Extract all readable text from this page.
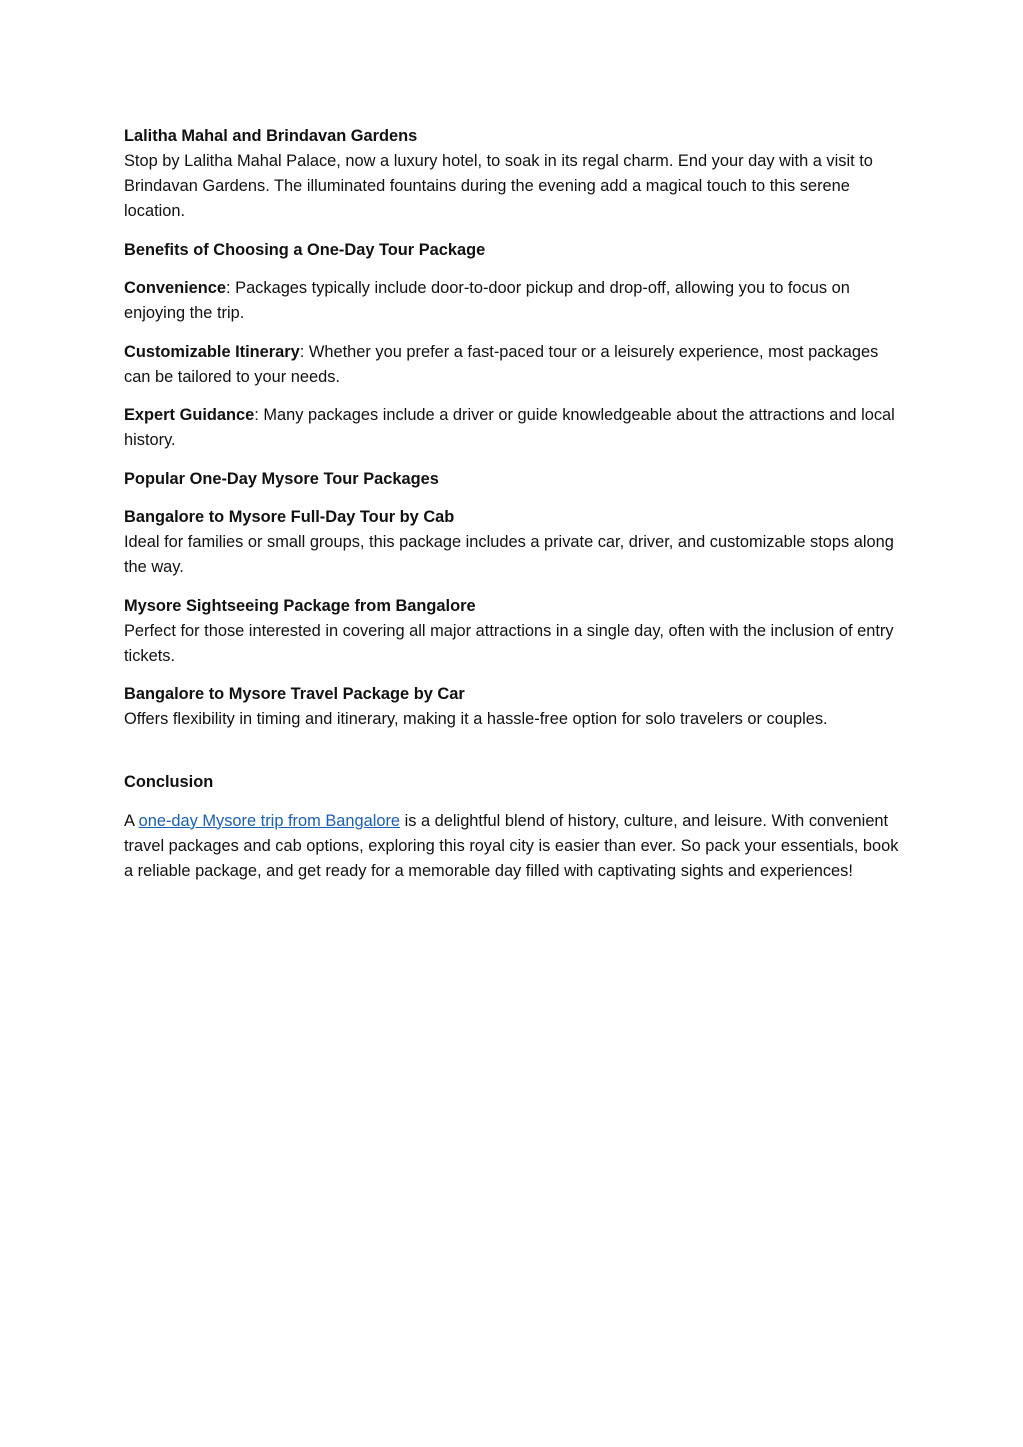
Lalitha Mahal and Brindavan Gardens
Stop by Lalitha Mahal Palace, now a luxury hotel, to soak in its regal charm. End your day with a visit to Brindavan Gardens. The illuminated fountains during the evening add a magical touch to this serene location.

Benefits of Choosing a One-Day Tour Package

Convenience: Packages typically include door-to-door pickup and drop-off, allowing you to focus on enjoying the trip.

Customizable Itinerary: Whether you prefer a fast-paced tour or a leisurely experience, most packages can be tailored to your needs.

Expert Guidance: Many packages include a driver or guide knowledgeable about the attractions and local history.

Popular One-Day Mysore Tour Packages

Bangalore to Mysore Full-Day Tour by Cab
Ideal for families or small groups, this package includes a private car, driver, and customizable stops along the way.

Mysore Sightseeing Package from Bangalore
Perfect for those interested in covering all major attractions in a single day, often with the inclusion of entry tickets.

Bangalore to Mysore Travel Package by Car
Offers flexibility in timing and itinerary, making it a hassle-free option for solo travelers or couples.

Conclusion

A one-day Mysore trip from Bangalore is a delightful blend of history, culture, and leisure. With convenient travel packages and cab options, exploring this royal city is easier than ever. So pack your essentials, book a reliable package, and get ready for a memorable day filled with captivating sights and experiences!
